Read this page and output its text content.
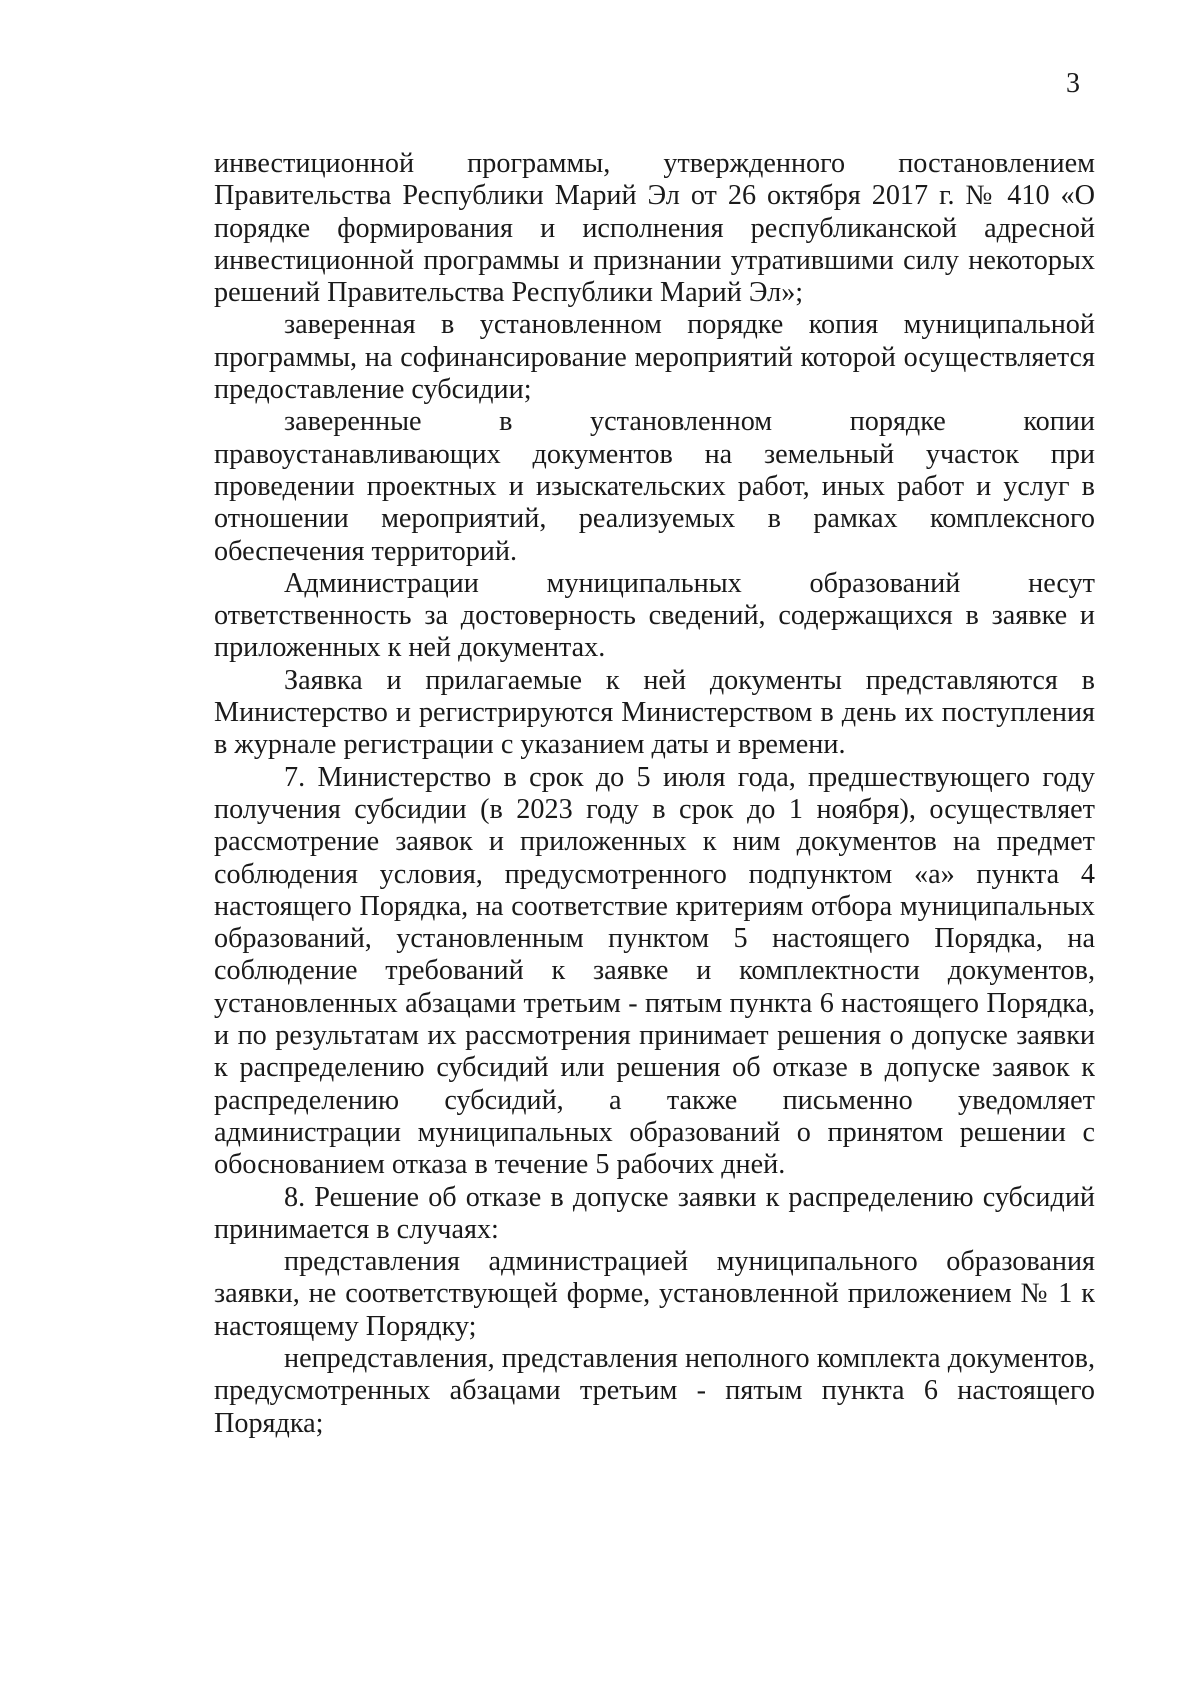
3

инвестиционной программы, утвержденного постановлением Правительства Республики Марий Эл от 26 октября 2017 г. № 410 «О порядке формирования и исполнения республиканской адресной инвестиционной программы и признании утратившими силу некоторых решений Правительства Республики Марий Эл»;

заверенная в установленном порядке копия муниципальной программы, на софинансирование мероприятий которой осуществляется предоставление субсидии;

заверенные в установленном порядке копии правоустанавливающих документов на земельный участок при проведении проектных и изыскательских работ, иных работ и услуг в отношении мероприятий, реализуемых в рамках комплексного обеспечения территорий.

Администрации муниципальных образований несут ответственность за достоверность сведений, содержащихся в заявке и приложенных к ней документах.

Заявка и прилагаемые к ней документы представляются в Министерство и регистрируются Министерством в день их поступления в журнале регистрации с указанием даты и времени.

7. Министерство в срок до 5 июля года, предшествующего году получения субсидии (в 2023 году в срок до 1 ноября), осуществляет рассмотрение заявок и приложенных к ним документов на предмет соблюдения условия, предусмотренного подпунктом «а» пункта 4 настоящего Порядка, на соответствие критериям отбора муниципальных образований, установленным пунктом 5 настоящего Порядка, на соблюдение требований к заявке и комплектности документов, установленных абзацами третьим - пятым пункта 6 настоящего Порядка, и по результатам их рассмотрения принимает решения о допуске заявки к распределению субсидий или решения об отказе в допуске заявок к распределению субсидий, а также письменно уведомляет администрации муниципальных образований о принятом решении с обоснованием отказа в течение 5 рабочих дней.

8. Решение об отказе в допуске заявки к распределению субсидий принимается в случаях:

представления администрацией муниципального образования заявки, не соответствующей форме, установленной приложением № 1 к настоящему Порядку;

непредставления, представления неполного комплекта документов, предусмотренных абзацами третьим - пятым пункта 6 настоящего Порядка;
